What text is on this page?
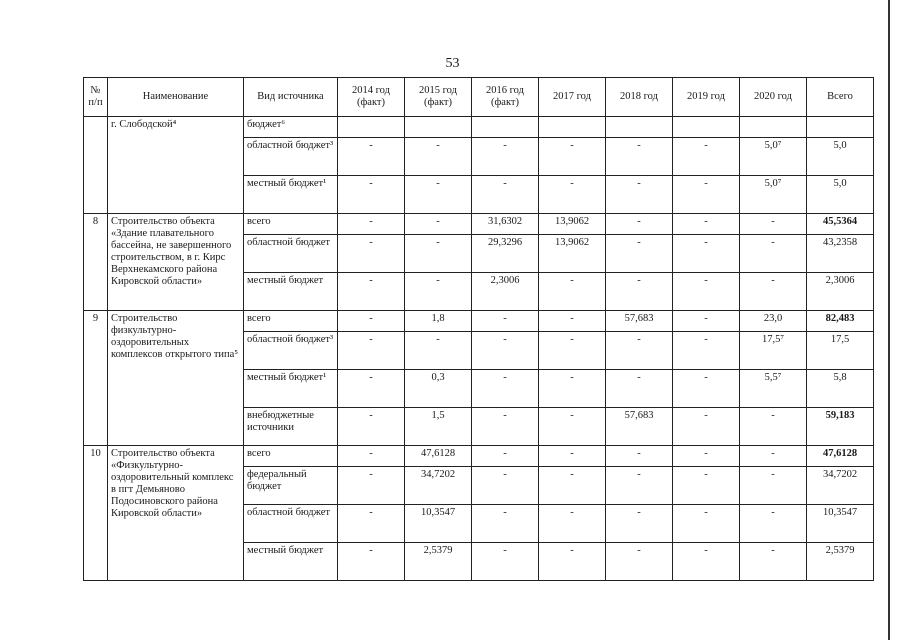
53
№ п/п	Наименование	Вид источника	2014 год (факт)	2015 год (факт)	2016 год (факт)	2017 год	2018 год	2019 год	2020 год	Всего
	г. Слободской⁴	бюджет⁶								
		областной бюджет³	-	-	-	-	-	-	5,0⁷	5,0
		местный бюджет¹	-	-	-	-	-	-	5,0⁷	5,0
8	Строительство объекта «Здание плавательного бассейна, не завершенного строительством, в г. Кирс Верхнекамского района Кировской области»	всего	-	-	31,6302	13,9062	-	-	-	45,5364
		областной бюджет	-	-	29,3296	13,9062	-	-	-	43,2358
		местный бюджет	-	-	2,3006	-	-	-	-	2,3006
9	Строительство физкультурно-оздоровительных комплексов открытого типа⁵	всего	-	1,8	-	-	57,683	-	23,0	82,483
		областной бюджет³	-	-	-	-	-	-	17,5⁷	17,5
		местный бюджет¹	-	0,3	-	-	-	-	5,5⁷	5,8
		внебюджетные источники	-	1,5	-	-	57,683	-	-	59,183
10	Строительство объекта «Физкультурно-оздоровительный комплекс в пгт Демьяново Подосиновского района Кировской области»	всего	-	47,6128	-	-	-	-	-	47,6128
		федеральный бюджет	-	34,7202	-	-	-	-	-	34,7202
		областной бюджет	-	10,3547	-	-	-	-	-	10,3547
		местный бюджет	-	2,5379	-	-	-	-	-	2,5379
